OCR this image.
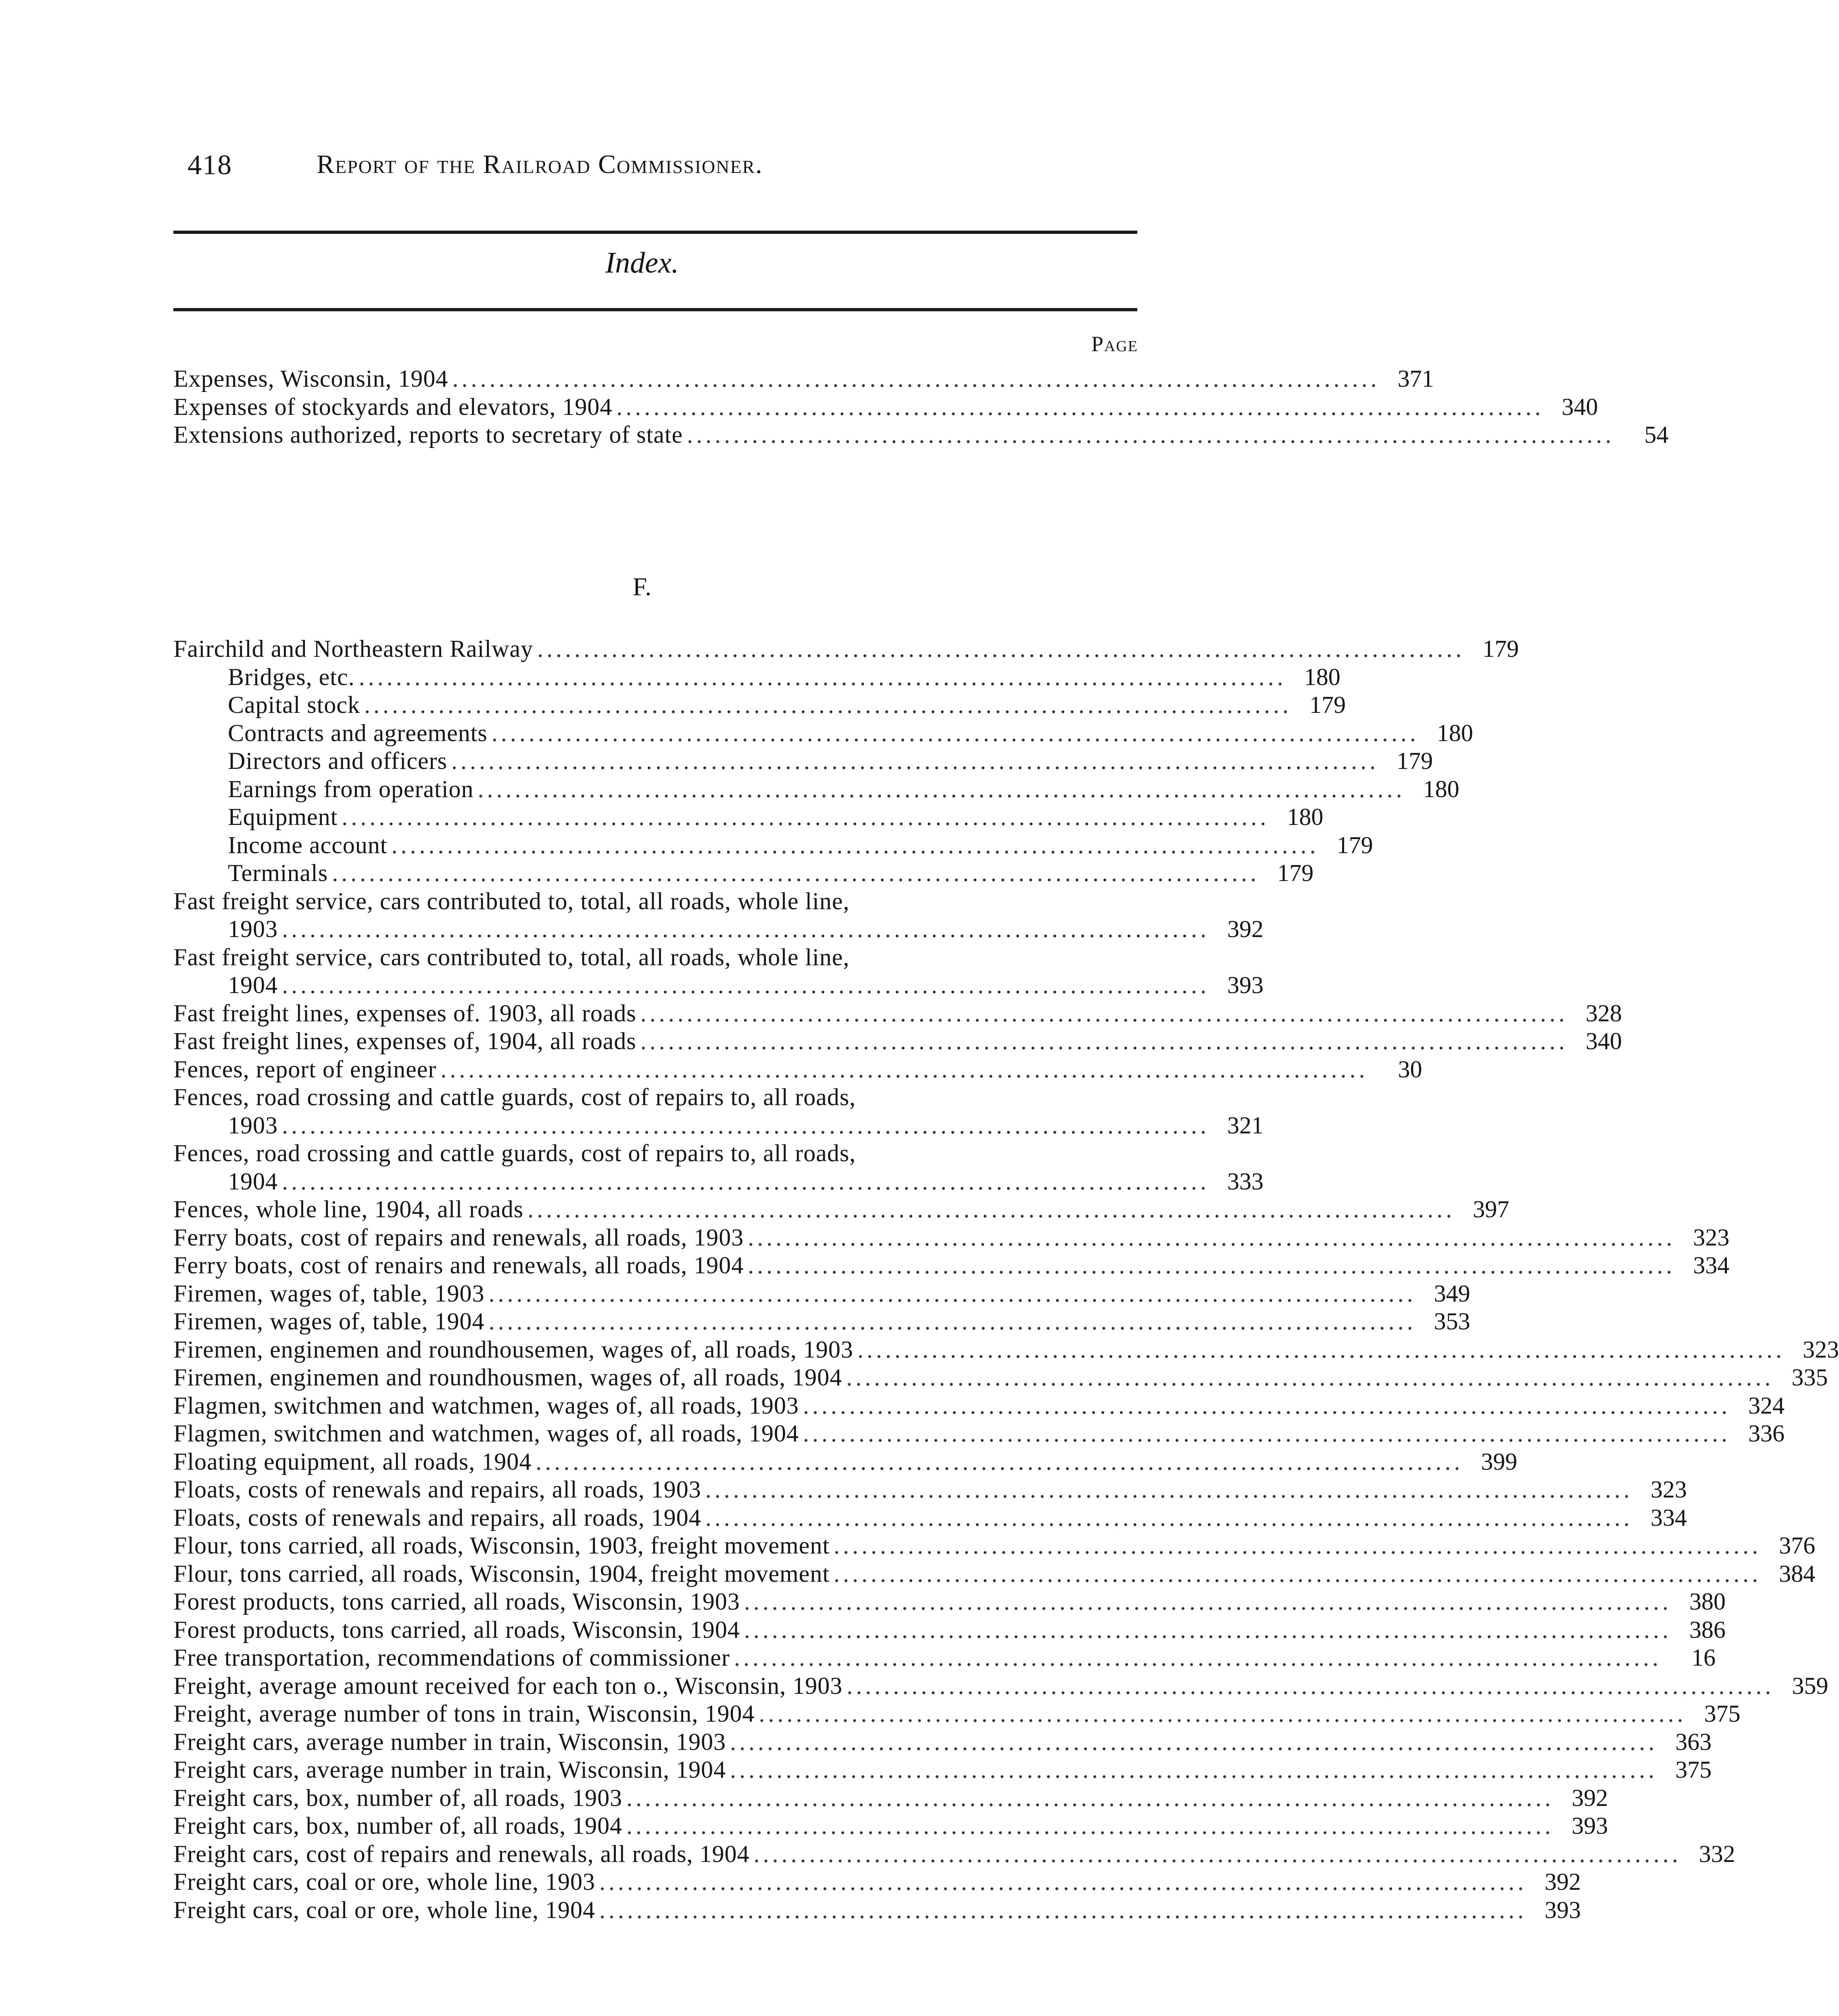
418	Report of the Railroad Commissioner.
Index.
Page
Expenses, Wisconsin, 1904 .................................................................................................... 371
Expenses of stockyards and elevators, 1904 .................................................................................................... 340
Extensions authorized, reports to secretary of state ....................................................................................................	54
F.
Fairchild and Northeastern Railway .................................................................................................... 179
Bridges, etc. .................................................................................................... 180
Capital stock .................................................................................................... 179
Contracts and agreements .................................................................................................... 180
Directors and officers .................................................................................................... 179
Earnings from operation .................................................................................................... 180
Equipment .................................................................................................... 180
Income account .................................................................................................... 179
Terminals .................................................................................................... 179
Fast freight service, cars contributed to, total, all roads, whole line,
1903 .................................................................................................... 392
Fast freight service, cars contributed to, total, all roads, whole line,
1904 .................................................................................................... 393
Fast freight lines, expenses of. 1903, all roads .................................................................................................... 328
Fast freight lines, expenses of, 1904, all roads .................................................................................................... 340
Fences, report of engineer ....................................................................................................	30
Fences, road crossing and cattle guards, cost of repairs to, all roads,
1903 .................................................................................................... 321
Fences, road crossing and cattle guards, cost of repairs to, all roads,
1904 .................................................................................................... 333
Fences, whole line, 1904, all roads .................................................................................................... 397
Ferry boats, cost of repairs and renewals, all roads, 1903 .................................................................................................... 323
Ferry boats, cost of renairs and renewals, all roads, 1904 .................................................................................................... 334
Firemen, wages of, table, 1903 .................................................................................................... 349
Firemen, wages of, table, 1904 .................................................................................................... 353
Firemen, enginemen and roundhousemen, wages of, all roads, 1903 .................................................................................................... 323
Firemen, enginemen and roundhousmen, wages of, all roads, 1904 .................................................................................................... 335
Flagmen, switchmen and watchmen, wages of, all roads, 1903 .................................................................................................... 324
Flagmen, switchmen and watchmen, wages of, all roads, 1904 .................................................................................................... 336
Floating equipment, all roads, 1904 .................................................................................................... 399
Floats, costs of renewals and repairs, all roads, 1903 .................................................................................................... 323
Floats, costs of renewals and repairs, all roads, 1904 .................................................................................................... 334
Flour, tons carried, all roads, Wisconsin, 1903, freight movement .................................................................................................... 376
Flour, tons carried, all roads, Wisconsin, 1904, freight movement .................................................................................................... 384
Forest products, tons carried, all roads, Wisconsin, 1903 .................................................................................................... 380
Forest products, tons carried, all roads, Wisconsin, 1904 .................................................................................................... 386
Free transportation, recommendations of commissioner ....................................................................................................	16
Freight, average amount received for each ton o., Wisconsin, 1903 .................................................................................................... 359
Freight, average number of tons in train, Wisconsin, 1904 .................................................................................................... 375
Freight cars, average number in train, Wisconsin, 1903 .................................................................................................... 363
Freight cars, average number in train, Wisconsin, 1904 .................................................................................................... 375
Freight cars, box, number of, all roads, 1903 .................................................................................................... 392
Freight cars, box, number of, all roads, 1904 .................................................................................................... 393
Freight cars, cost of repairs and renewals, all roads, 1904 .................................................................................................... 332
Freight cars, coal or ore, whole line, 1903 .................................................................................................... 392
Freight cars, coal or ore, whole line, 1904 .................................................................................................... 393
